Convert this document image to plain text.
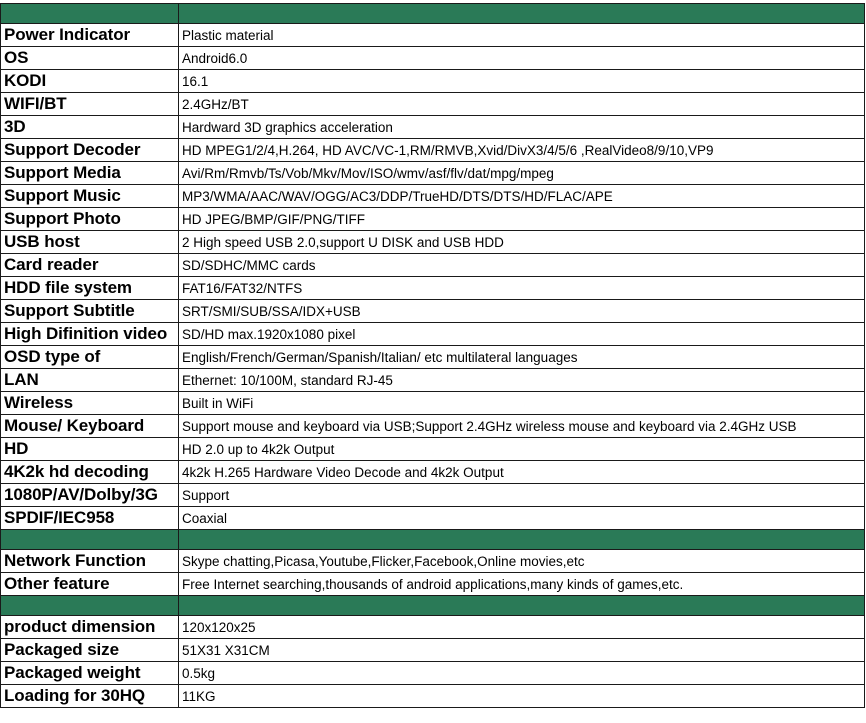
Power Indicator	Plastic material
OS	Android6.0
KODI	16.1
WIFI/BT	2.4GHz/BT
3D	Hardward 3D graphics acceleration
Support Decoder	HD MPEG1/2/4,H.264, HD AVC/VC-1,RM/RMVB,Xvid/DivX3/4/5/6 ,RealVideo8/9/10,VP9
Support Media	Avi/Rm/Rmvb/Ts/Vob/Mkv/Mov/ISO/wmv/asf/flv/dat/mpg/mpeg
Support Music	MP3/WMA/AAC/WAV/OGG/AC3/DDP/TrueHD/DTS/DTS/HD/FLAC/APE
Support Photo	HD JPEG/BMP/GIF/PNG/TIFF
USB host	2 High speed USB 2.0,support U DISK and USB HDD
Card reader	SD/SDHC/MMC cards
HDD file system	FAT16/FAT32/NTFS
Support Subtitle	SRT/SMI/SUB/SSA/IDX+USB
High Difinition video	SD/HD max.1920x1080 pixel
OSD type of	English/French/German/Spanish/Italian/ etc multilateral languages
LAN	Ethernet: 10/100M, standard RJ-45
Wireless	Built in WiFi
Mouse/ Keyboard	Support mouse and keyboard via USB;Support 2.4GHz wireless mouse and keyboard via 2.4GHz USB
HD	HD 2.0 up to 4k2k Output
4K2k hd decoding	4k2k H.265 Hardware Video Decode and 4k2k Output
1080P/AV/Dolby/3G	Support
SPDIF/IEC958	Coaxial

Network Function	Skype chatting,Picasa,Youtube,Flicker,Facebook,Online movies,etc
Other feature	Free Internet searching,thousands of android applications,many kinds of games,etc.

product dimension	120x120x25
Packaged size	51X31 X31CM
Packaged weight	0.5kg
Loading for 30HQ	11KG
